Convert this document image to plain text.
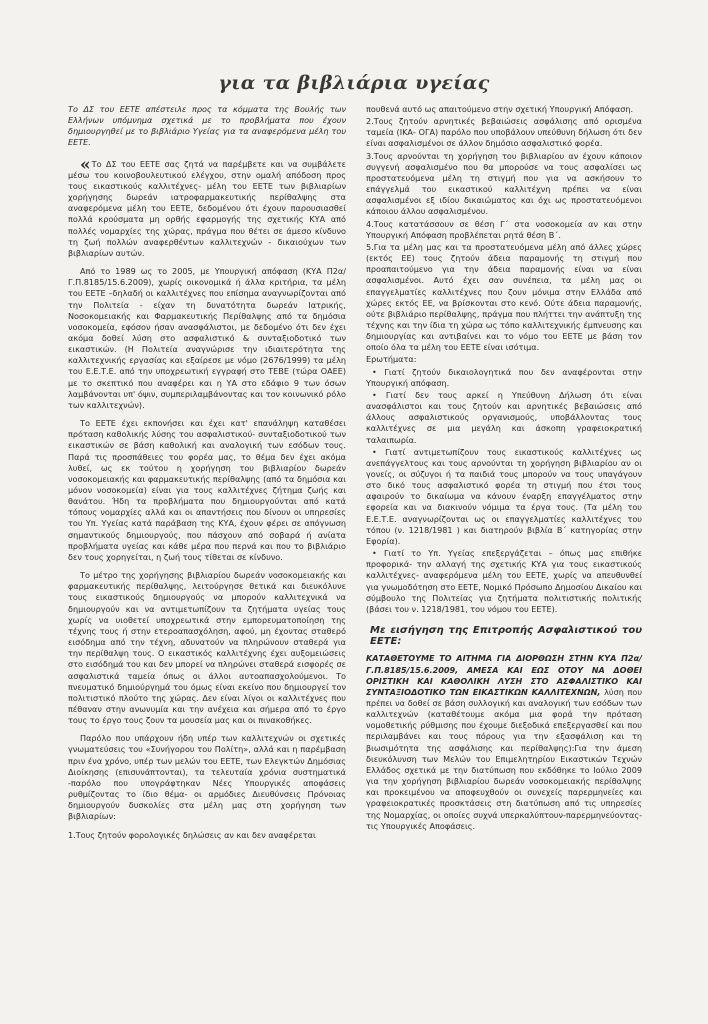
για τα βιβλιάρια υγείας

Το ΔΣ του ΕΕΤΕ απέστειλε προς τα κόμματα της Βουλής των Ελλήνων υπόμνημα σχετικά με το προβλήματα που έχουν δημιουργηθεί με το βιβλιάριο Υγείας για τα αναφερόμενα μέλη του ΕΕΤΕ.

«Το ΔΣ του ΕΕΤΕ σας ζητά να παρέμβετε και να συμβάλετε μέσω του κοινοβουλευτικού ελέγχου, στην ομαλή απόδοση προς τους εικαστικούς καλλιτέχνες- μέλη του ΕΕΤΕ των βιβλιαρίων χορήγησης δωρεάν ιατροφαρμακευτικής περίθαλψης στα αναφερόμενα μέλη του ΕΕΤΕ, δεδομένου ότι έχουν παρουσιασθεί πολλά κρούσματα μη ορθής εφαρμογής της σχετικής ΚΥΑ από πολλές νομαρχίες της χώρας, πράγμα που θέτει σε άμεσο κίνδυνο τη ζωή πολλών αναφερθέντων καλλιτεχνών - δικαιούχων των βιβλιαρίων αυτών.

Από το 1989 ως το 2005, με Υπουργική απόφαση (ΚΥΑ Π2α/Γ.Π.8185/15.6.2009), χωρίς οικονομικά ή άλλα κριτήρια, τα μέλη του ΕΕΤΕ –δηλαδή οι καλλιτέχνες που επίσημα αναγνωρίζονται από την Πολιτεία - είχαν τη δυνατότητα δωρεάν Ιατρικής, Νοσοκομειακής και Φαρμακευτικής Περίθαλψης από τα δημόσια νοσοκομεία, εφόσον ήσαν ανασφάλιστοι, με δεδομένο ότι δεν έχει ακόμα δοθεί λύση στο ασφαλιστικό & συνταξιοδοτικό των εικαστικών. (Η Πολιτεία αναγνώρισε την ιδιαιτερότητα της καλλιτεχνικής εργασίας και εξαίρεσε με νόμο (2676/1999) τα μέλη του Ε.Ε.Τ.Ε. από την υποχρεωτική εγγραφή στο ΤΕΒΕ (τώρα ΟΑΕΕ) με το σκεπτικό που αναφέρει και η ΥΑ στο εδάφιο 9 των όσων λαμβάνονται υπ' όψιν, συμπεριλαμβάνοντας και τον κοινωνικό ρόλο των καλλιτεχνών).

Το ΕΕΤΕ έχει εκπονήσει και έχει κατ' επανάληψη καταθέσει πρόταση καθολικής λύσης του ασφαλιστικού- συνταξιοδοτικού των εικαστικών σε βάση καθολική και αναλογική των εσόδων τους. Παρά τις προσπάθειες του φορέα μας, το θέμα δεν έχει ακόμα λυθεί, ως εκ τούτου η χορήγηση του βιβλιαρίου δωρεάν νοσοκομειακής και φαρμακευτικής περίθαλψης (από τα δημόσια και μόνον νοσοκομεία) είναι για τους καλλιτέχνες ζήτημα ζωής και θανάτου. Ήδη τα προβλήματα που δημιουργούνται από κατά τόπους νομαρχίες αλλά και οι απαντήσεις που δίνουν οι υπηρεσίες του Υπ. Υγείας κατά παράβαση της ΚΥΑ, έχουν φέρει σε απόγνωση σημαντικούς δημιουργούς, που πάσχουν από σοβαρά ή ανίατα προβλήματα υγείας και κάθε μέρα που περνά και που το βιβλιάριο δεν τους χορηγείται, η ζωή τους τίθεται σε κίνδυνο.

Το μέτρο της χορήγησης βιβλιαρίου δωρεάν νοσοκομειακής και φαρμακευτικής περίθαλψης, λειτούργησε θετικά και διευκόλυνε τους εικαστικούς δημιουργούς να μπορούν καλλιτεχνικά να δημιουργούν και να αντιμετωπίζουν τα ζητήματα υγείας τους χωρίς να υιοθετεί υποχρεωτικά στην εμπορευματοποίηση της τέχνης τους ή στην ετεροαπασχόληση, αφού, μη έχοντας σταθερό εισόδημα από την τέχνη, αδυνατούν να πληρώνουν σταθερά για την περίθαλψη τους. Ο εικαστικός καλλιτέχνης έχει αυξομειώσεις στο εισόδημά του και δεν μπορεί να πληρώνει σταθερά εισφορές σε ασφαλιστικά ταμεία όπως οι άλλοι αυτοαπασχολούμενοι. Το πνευματικό δημιούργημά του όμως είναι εκείνο που δημιουργεί τον πολιτιστικό πλούτο της χώρας. Δεν είναι λίγοι οι καλλιτέχνες που πέθαναν στην ανωνυμία και την ανέχεια και σήμερα από το έργο τους το έργο τους ζουν τα μουσεία μας και οι πινακοθήκες.

Παρόλο που υπάρχουν ήδη υπέρ των καλλιτεχνών οι σχετικές γνωματεύσεις του «Συνήγορου του Πολίτη», αλλά και η παρέμβαση πριν ένα χρόνο, υπέρ των μελών του ΕΕΤΕ, των Ελεγκτών Δημόσιας Διοίκησης (επισυνάπτονται), τα τελευταία χρόνια συστηματικά -παρόλο που υπογράφτηκαν Νέες Υπουργικές αποφάσεις ρυθμίζοντας το ίδιο θέμα- οι αρμόδιες Διευθύνσεις Πρόνοιας δημιουργούν δυσκολίες στα μέλη μας στη χορήγηση των βιβλιαρίων:

1.Τους ζητούν φορολογικές δηλώσεις αν και δεν αναφέρεται

πουθενά αυτό ως απαιτούμενο στην σχετική Υπουργική Απόφαση.

2.Τους ζητούν αρνητικές βεβαιώσεις ασφάλισης από ορισμένα ταμεία (ΙΚΑ- ΟΓΑ) παρόλο που υποβάλουν υπεύθυνη δήλωση ότι δεν είναι ασφαλισμένοι σε άλλον δημόσιο ασφαλιστικό φορέα.
3.Τους αρνούνται τη χορήγηση του βιβλιαρίου αν έχουν κάποιον συγγενή ασφαλισμένο που θα μπορούσε να τους ασφαλίσει ως προστατευόμενα μέλη τη στιγμή που για να ασκήσουν το επάγγελμά του εικαστικού καλλιτέχνη πρέπει να είναι ασφαλισμένοι εξ ιδίου δικαιώματος και όχι ως προστατευόμενοι κάποιου άλλου ασφαλισμένου.
4.Τους κατατάσσουν σε θέση Γ΄ στα νοσοκομεία αν και στην Υπουργική Απόφαση προβλέπεται ρητά θέση Β΄.
5.Για τα μέλη μας και τα προστατευόμενα μέλη από άλλες χώρες (εκτός ΕΕ) τους ζητούν άδεια παραμονής τη στιγμή που προαπαιτούμενο για την άδεια παραμονής είναι να είναι ασφαλισμένοι. Αυτό έχει σαν συνέπεια, τα μέλη μας οι επαγγελματίες καλλιτέχνες που ζουν μόνιμα στην Ελλάδα από χώρες εκτός ΕΕ, να βρίσκονται στο κενό. Ούτε άδεια παραμονής, ούτε βιβλιάριο περίθαλψης, πράγμα που πλήττει την ανάπτυξη της τέχνης και την ίδια τη χώρα ως τόπο καλλιτεχνικής έμπνευσης και δημιουργίας και αντιβαίνει και το νόμο του ΕΕΤΕ με βάση τον οποίο όλα τα μέλη του ΕΕΤΕ είναι ισότιμα.

Ερωτήματα:

• Γιατί ζητούν δικαιολογητικά που δεν αναφέρονται στην Υπουργική απόφαση.
• Γιατί δεν τους αρκεί η Υπεύθυνη Δήλωση ότι είναι ανασφάλιστοι και τους ζητούν και αρνητικές βεβαιώσεις από άλλους ασφαλιστικούς οργανισμούς, υποβάλλοντας τους καλλιτέχνες σε μια μεγάλη και άσκοπη γραφειοκρατική ταλαιπωρία.
• Γιατί αντιμετωπίζουν τους εικαστικούς καλλιτέχνες ως ανεπάγγελτους και τους αρνούνται τη χορήγηση βιβλιαρίου αν οι γονείς, οι σύζυγοι ή τα παιδιά τους μπορούν να τους υπαγάγουν στο δικό τους ασφαλιστικό φορέα τη στιγμή που έτσι τους αφαιρούν το δικαίωμα να κάνουν έναρξη επαγγέλματος στην εφορεία και να διακινούν νόμιμα τα έργα τους. (Τα μέλη του Ε.Ε.Τ.Ε. αναγνωρίζονται ως οι επαγγελματίες καλλιτέχνες του τόπου (ν. 1218/1981 ) και διατηρούν βιβλία Β΄ κατηγορίας στην Εφορία).
• Γιατί το Υπ. Υγείας επεξεργάζεται – όπως μας επιθήκε προφορικά- την αλλαγή της σχετικής ΚΥΑ για τους εικαστικούς καλλιτέχνες- αναφερόμενα μέλη του ΕΕΤΕ, χωρίς να απευθυνθεί για γνωμοδότηση στο ΕΕΤΕ, Νομικό Πρόσωπο Δημοσίου Δικαίου και σύμβουλο της Πολιτείας για ζητήματα πολιτιστικής πολιτικής (βάσει του ν. 1218/1981, του νόμου του ΕΕΤΕ).

Με εισήγηση της Επιτροπής Ασφαλιστικού του ΕΕΤΕ:

ΚΑΤΑΘΕΤΟΥΜΕ ΤΟ ΑΙΤΗΜΑ ΓΙΑ ΔΙΟΡΘΩΣΗ ΣΤΗΝ ΚΥΑ Π2α/Γ.Π.8185/15.6.2009, ΑΜΕΣΑ ΚΑΙ ΕΩΣ ΟΤΟΥ ΝΑ ΔΟΘΕΙ ΟΡΙΣΤΙΚΗ ΚΑΙ ΚΑΘΟΛΙΚΗ ΛΥΣΗ ΣΤΟ ΑΣΦΑΛΙΣΤΙΚΟ ΚΑΙ ΣΥΝΤΑΞΙΟΔΟΤΙΚΟ ΤΩΝ ΕΙΚΑΣΤΙΚΩΝ ΚΑΛΛΙΤΕΧΝΩΝ, λύση που πρέπει να δοθεί σε βάση συλλογική και αναλογική των εσόδων των καλλιτεχνών (καταθέτουμε ακόμα μια φορά την πρόταση νομοθετικής ρύθμισης που έχουμε διεξοδικά επεξεργασθεί και που περιλαμβάνει και τους πόρους για την εξασφάλιση και τη βιωσιμότητα της ασφάλισης και περίθαλψης):Για την άμεση διευκόλυνση των Μελών του Επιμελητηρίου Εικαστικών Τεχνών Ελλάδος σχετικά με την διατύπωση που εκδόθηκε το Ιούλιο 2009 για την χορήγηση βιβλιαρίου δωρεάν νοσοκομειακής περίθαλψης και προκειμένου να αποφευχθούν οι συνεχείς παρερμηνείες και γραφειοκρατικές προσκτάσεις στη διατύπωση από τις υπηρεσίες της Νομαρχίας, οι οποίες συχνά υπερκαλύπτουν-παρερμηνεύοντας-τις Υπουργικές Αποφάσεις.
